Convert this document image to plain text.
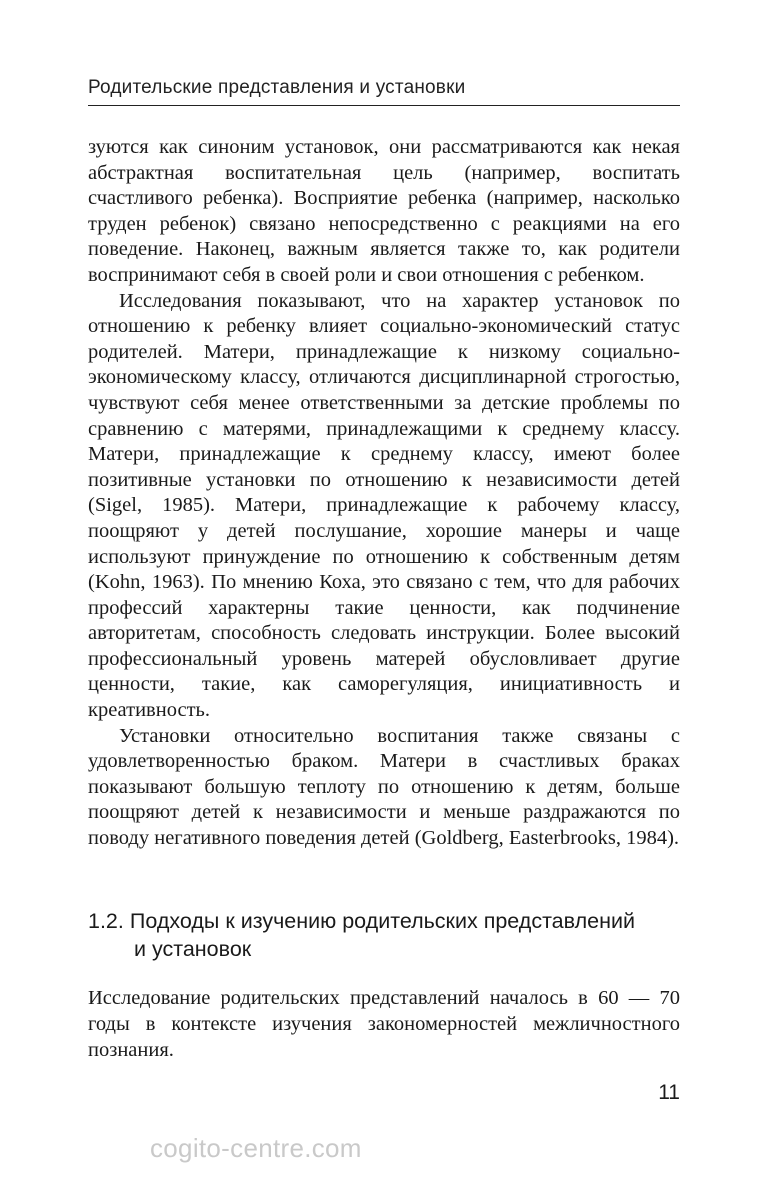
Родительские представления и установки

зуются как синоним установок, они рассматриваются как некая абстрактная воспитательная цель (например, воспитать счастливого ребенка). Восприятие ребенка (например, насколько труден ребенок) связано непосредственно с реакциями на его поведение. Наконец, важным является также то, как родители воспринимают себя в своей роли и свои отношения с ребенком.

Исследования показывают, что на характер установок по отношению к ребенку влияет социально-экономический статус родителей. Матери, принадлежащие к низкому социально-экономическому классу, отличаются дисциплинарной строгостью, чувствуют себя менее ответственными за детские проблемы по сравнению с матерями, принадлежащими к среднему классу. Матери, принадлежащие к среднему классу, имеют более позитивные установки по отношению к независимости детей (Sigel, 1985). Матери, принадлежащие к рабочему классу, поощряют у детей послушание, хорошие манеры и чаще используют принуждение по отношению к собственным детям (Kohn, 1963). По мнению Коха, это связано с тем, что для рабочих профессий характерны такие ценности, как подчинение авторитетам, способность следовать инструкции. Более высокий профессиональный уровень матерей обусловливает другие ценности, такие, как саморегуляция, инициативность и креативность.

Установки относительно воспитания также связаны с удовлетворенностью браком. Матери в счастливых браках показывают большую теплоту по отношению к детям, больше поощряют детей к независимости и меньше раздражаются по поводу негативного поведения детей (Goldberg, Easterbrooks, 1984).

1.2. Подходы к изучению родительских представлений
и установок

Исследование родительских представлений началось в 60 — 70 годы в контексте изучения закономерностей межличностного познания.

11
cogito-centre.com
